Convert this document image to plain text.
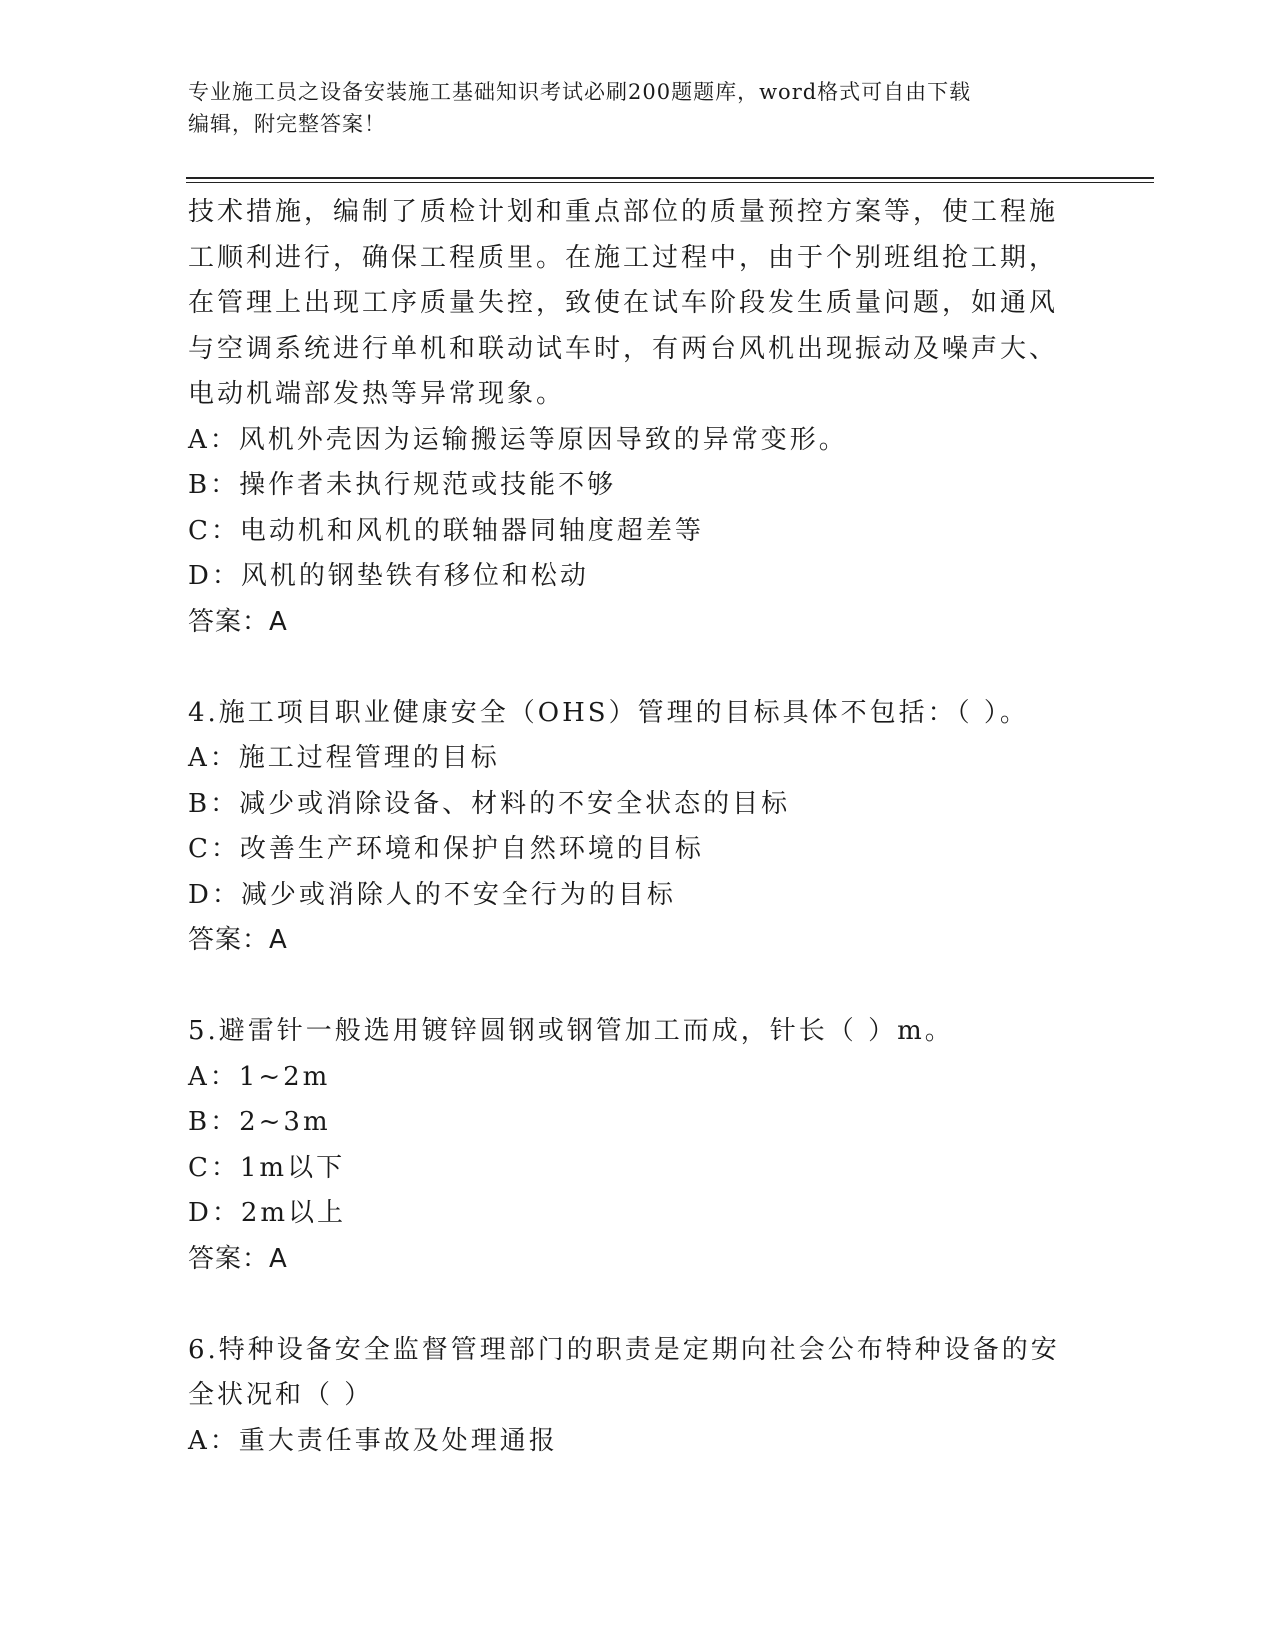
专业施工员之设备安装施工基础知识考试必刷200题题库，word格式可自由下载

编辑，附完整答案！

技术措施，编制了质检计划和重点部位的质量预控方案等，使工程施
工顺利进行，确保工程质里。在施工过程中，由于个别班组抢工期，
在管理上出现工序质量失控，致使在试车阶段发生质量问题，如通风
与空调系统进行单机和联动试车时，有两台风机出现振动及噪声大、
电动机端部发热等异常现象。
A：风机外壳因为运输搬运等原因导致的异常变形。
B：操作者未执行规范或技能不够
C：电动机和风机的联轴器同轴度超差等
D：风机的钢垫铁有移位和松动
答案：A
4.施工项目职业健康安全（OHS）管理的目标具体不包括：（ ）。
A：施工过程管理的目标
B：减少或消除设备、材料的不安全状态的目标
C：改善生产环境和保护自然环境的目标
D：减少或消除人的不安全行为的目标
答案：A
5.避雷针一般选用镀锌圆钢或钢管加工而成，针长（ ）m。
A：1~2m
B：2~3m
C：1m以下
D：2m以上
答案：A
6.特种设备安全监督管理部门的职责是定期向社会公布特种设备的安
全状况和（ ）
A：重大责任事故及处理通报
